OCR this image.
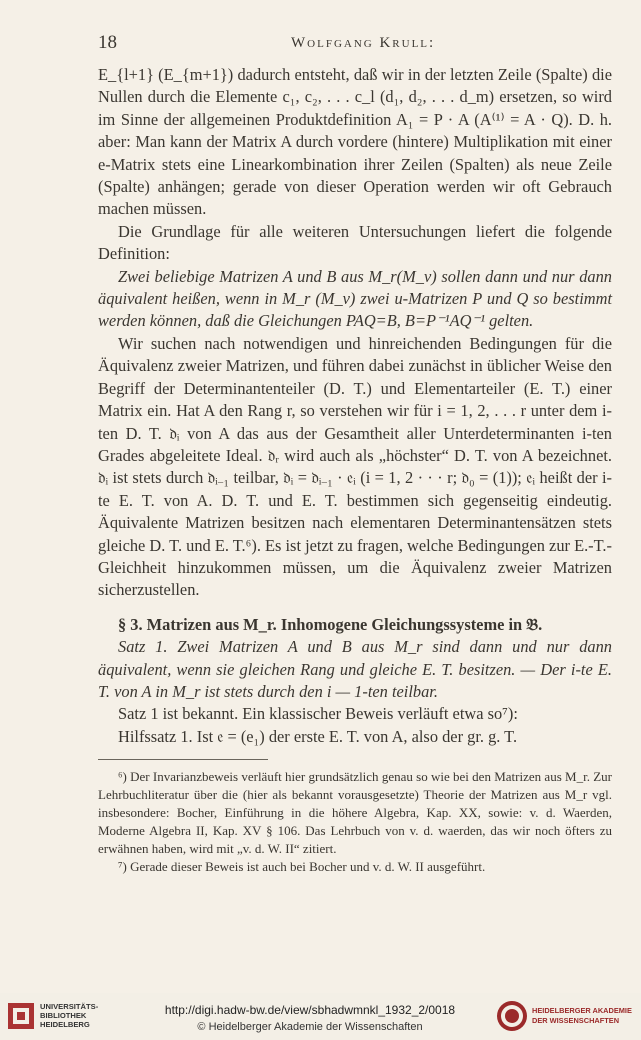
18	Wolfgang Krull:

E_{l+1} (E_{m+1}) dadurch entsteht, daß wir in der letzten Zeile (Spalte) die Nullen durch die Elemente c₁, c₂, . . . c_l (d₁, d₂, . . . d_m) ersetzen, so wird im Sinne der allgemeinen Produktdefinition A₁ = P · A (A⁽¹⁾ = A · Q). D. h. aber: Man kann der Matrix A durch vordere (hintere) Multiplikation mit einer e-Matrix stets eine Linearkombination ihrer Zeilen (Spalten) als neue Zeile (Spalte) anhängen; gerade von dieser Operation werden wir oft Gebrauch machen müssen.

Die Grundlage für alle weiteren Untersuchungen liefert die folgende Definition:

Zwei beliebige Matrizen A und B aus M_r(M_v) sollen dann und nur dann äquivalent heißen, wenn in M_r (M_v) zwei u-Matrizen P und Q so bestimmt werden können, daß die Gleichungen PAQ=B, B=P⁻¹AQ⁻¹ gelten.

Wir suchen nach notwendigen und hinreichenden Bedingungen für die Äquivalenz zweier Matrizen, und führen dabei zunächst in üblicher Weise den Begriff der Determinantenteiler (D. T.) und Elementarteiler (E. T.) einer Matrix ein. Hat A den Rang r, so verstehen wir für i = 1, 2, . . . r unter dem i-ten D. T. 𝔡ᵢ von A das aus der Gesamtheit aller Unterdeterminanten i-ten Grades abgeleitete Ideal. 𝔡ᵣ wird auch als „höchster“ D. T. von A bezeichnet. 𝔡ᵢ ist stets durch 𝔡ᵢ₋₁ teilbar, 𝔡ᵢ = 𝔡ᵢ₋₁ · 𝔢ᵢ (i = 1, 2 · · · r; 𝔡₀ = (1)); 𝔢ᵢ heißt der i-te E. T. von A. D. T. und E. T. bestimmen sich gegenseitig eindeutig. Äquivalente Matrizen besitzen nach elementaren Determinantensätzen stets gleiche D. T. und E. T.⁶). Es ist jetzt zu fragen, welche Bedingungen zur E.-T.-Gleichheit hinzukommen müssen, um die Äquivalenz zweier Matrizen sicherzustellen.

§ 3. Matrizen aus M_r. Inhomogene Gleichungssysteme in 𝔅.

Satz 1. Zwei Matrizen A und B aus M_r sind dann und nur dann äquivalent, wenn sie gleichen Rang und gleiche E. T. besitzen. — Der i-te E. T. von A in M_r ist stets durch den i — 1-ten teilbar.

Satz 1 ist bekannt. Ein klassischer Beweis verläuft etwa so⁷):

Hilfssatz 1. Ist 𝔢 = (e₁) der erste E. T. von A, also der gr. g. T.

⁶) Der Invarianzbeweis verläuft hier grundsätzlich genau so wie bei den Matrizen aus M_r. Zur Lehrbuchliteratur über die (hier als bekannt vorausgesetzte) Theorie der Matrizen aus M_r vgl. insbesondere: Bocher, Einführung in die höhere Algebra, Kap. XX, sowie: v. d. Waerden, Moderne Algebra II, Kap. XV § 106. Das Lehrbuch von v. d. waerden, das wir noch öfters zu erwähnen haben, wird mit „v. d. W. II“ zitiert.

⁷) Gerade dieser Beweis ist auch bei Bocher und v. d. W. II ausgeführt.

UNIVERSITÄTS-
BIBLIOTHEK
HEIDELBERG
http://digi.hadw-bw.de/view/sbhadwmnkl_1932_2/0018
© Heidelberger Akademie der Wissenschaften
HEIDELBERGER AKADEMIE
DER WISSENSCHAFTEN
